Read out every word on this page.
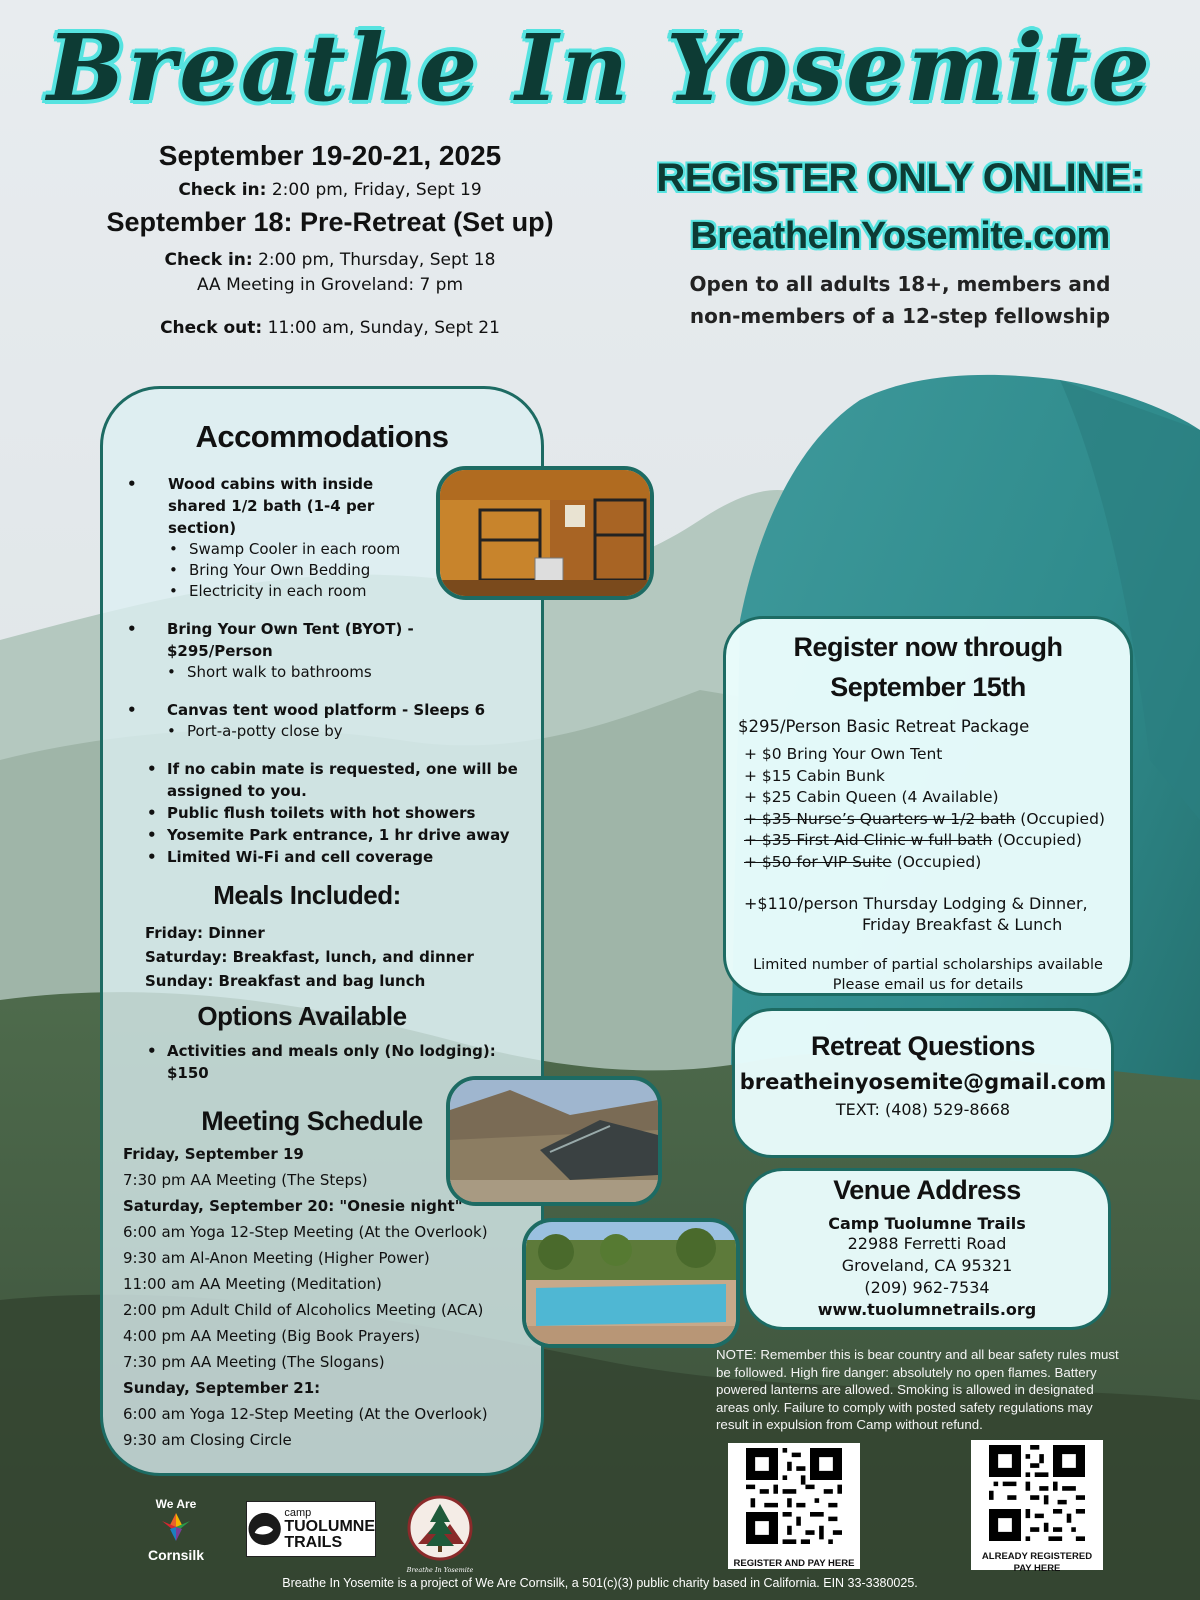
Breathe In Yosemite
September 19-20-21, 2025
Check in: 2:00 pm, Friday, Sept 19
September 18: Pre-Retreat (Set up)
Check in: 2:00 pm, Thursday, Sept 18
AA Meeting in Groveland: 7 pm
Check out: 11:00 am, Sunday, Sept 21
REGISTER ONLY ONLINE:
BreatheInYosemite.com
Open to all adults 18+, members and
non-members of a 12-step fellowship
Accommodations
• Wood cabins with inside shared 1/2 bath (1-4 per section)
• Swamp Cooler in each room
• Bring Your Own Bedding
• Electricity in each room
• Bring Your Own Tent (BYOT) - $295/Person
• Short walk to bathrooms
• Canvas tent wood platform - Sleeps 6
• Port-a-potty close by
• If no cabin mate is requested, one will be assigned to you.
• Public flush toilets with hot showers
• Yosemite Park entrance, 1 hr drive away
• Limited Wi-Fi and cell coverage
Meals Included:
Friday: Dinner
Saturday: Breakfast, lunch, and dinner
Sunday: Breakfast and bag lunch
Options Available
• Activities and meals only (No lodging): $150
Meeting Schedule
Friday, September 19
7:30 pm AA Meeting (The Steps)
Saturday, September 20: "Onesie night"
6:00 am Yoga 12-Step Meeting (At the Overlook)
9:30 am Al-Anon Meeting (Higher Power)
11:00 am AA Meeting (Meditation)
2:00 pm Adult Child of Alcoholics Meeting (ACA)
4:00 pm AA Meeting (Big Book Prayers)
7:30 pm AA Meeting (The Slogans)
Sunday, September 21:
6:00 am Yoga 12-Step Meeting (At the Overlook)
9:30 am Closing Circle
Register now through
September 15th
$295/Person Basic Retreat Package
+ $0 Bring Your Own Tent
+ $15 Cabin Bunk
+ $25 Cabin Queen (4 Available)
+ $35 Nurse’s Quarters w 1/2 bath (Occupied)
+ $35 First Aid Clinic w full bath (Occupied)
+ $50 for VIP Suite (Occupied)
+$110/person Thursday Lodging & Dinner,
Friday Breakfast & Lunch
Limited number of partial scholarships available
Please email us for details
Retreat Questions
breatheinyosemite@gmail.com
TEXT: (408) 529-8668
Venue Address
Camp Tuolumne Trails
22988 Ferretti Road
Groveland, CA 95321
(209) 962-7534
www.tuolumnetrails.org
NOTE: Remember this is bear country and all bear safety rules must be followed. High fire danger: absolutely no open flames. Battery powered lanterns are allowed. Smoking is allowed in designated areas only. Failure to comply with posted safety regulations may result in expulsion from Camp without refund.
REGISTER AND PAY HERE
ALREADY REGISTERED
PAY HERE
We Are
Cornsilk
camp
TUOLUMNE
TRAILS
Breathe In Yosemite
Breathe In Yosemite is a project of We Are Cornsilk, a 501(c)(3) public charity based in California. EIN 33-3380025.
